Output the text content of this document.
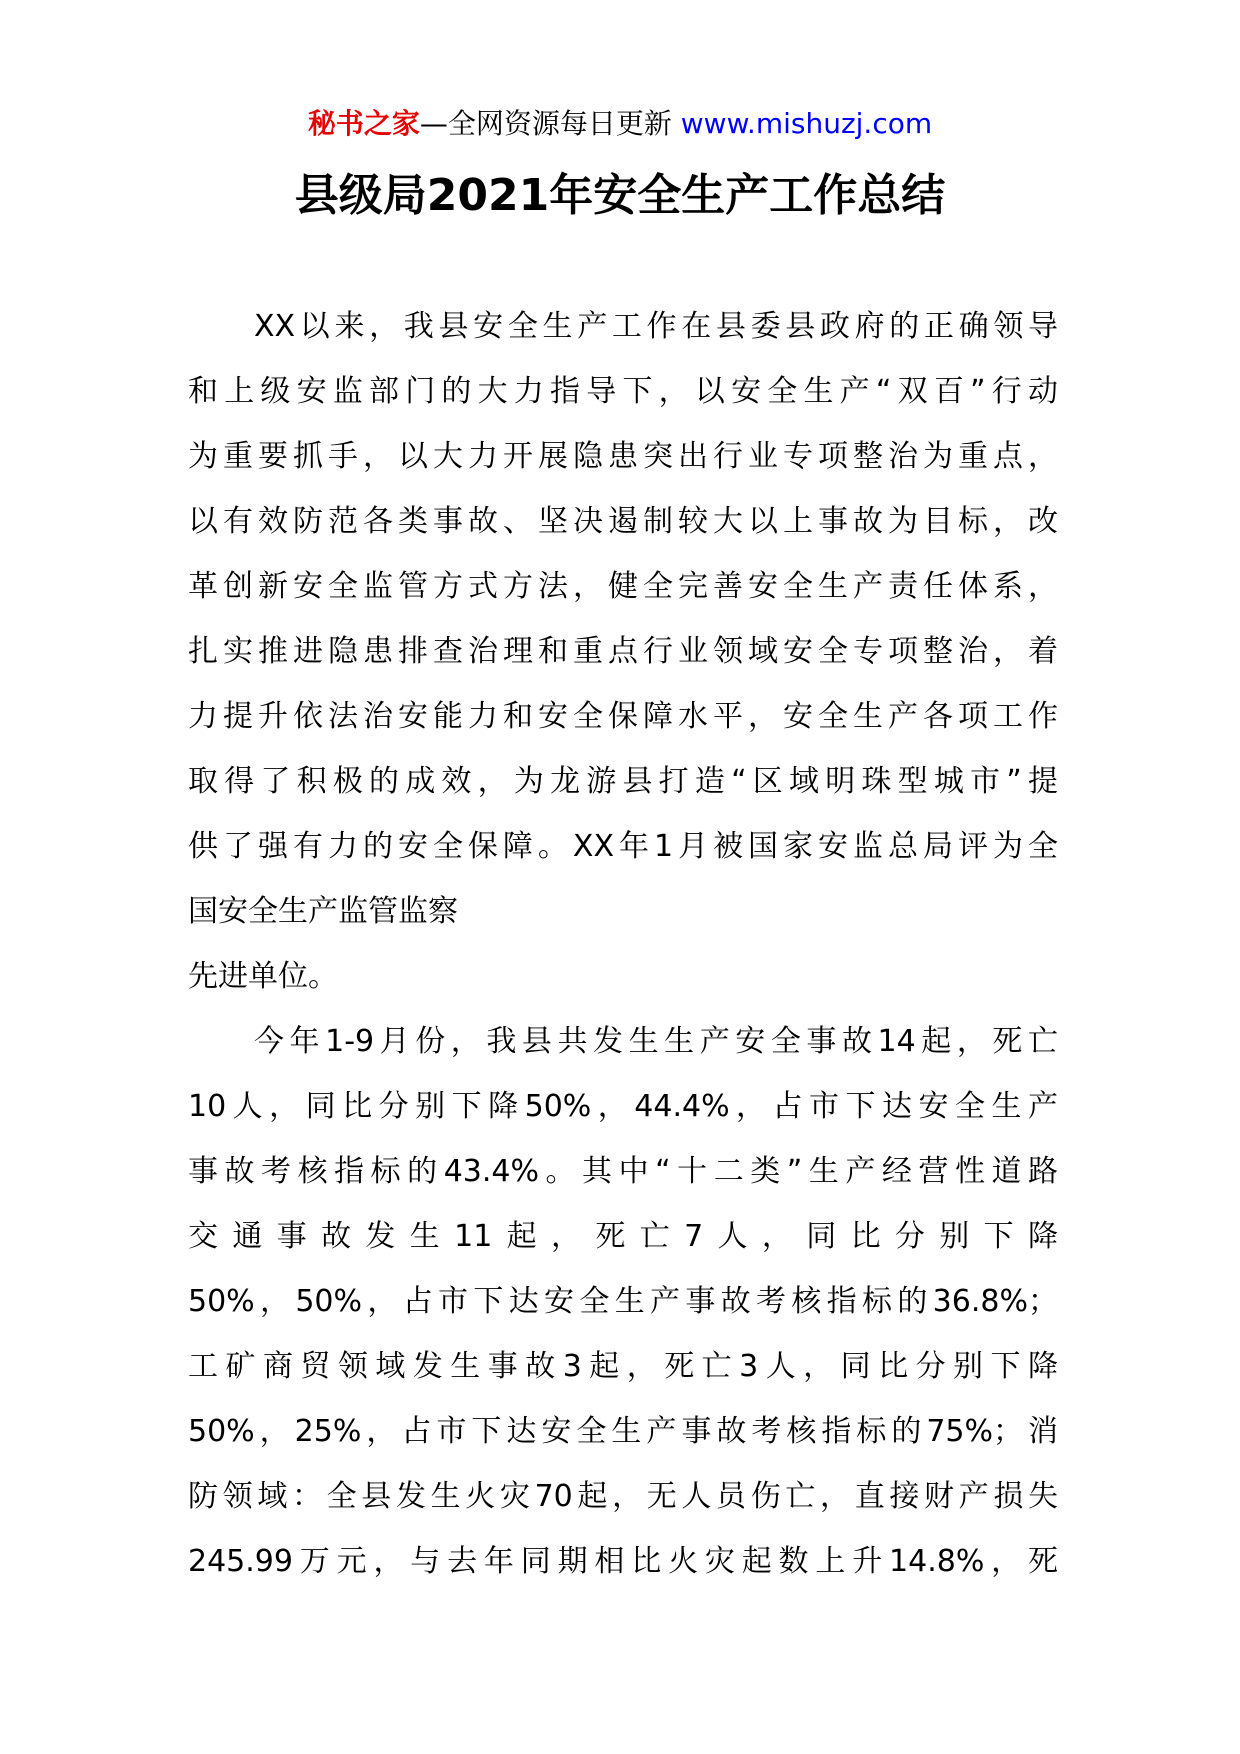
秘书之家—全网资源每日更新 www.mishuzj.com
县级局2021年安全生产工作总结
XX以来，我县安全生产工作在县委县政府的正确领导
和上级安监部门的大力指导下，以安全生产“双百”行动
为重要抓手，以大力开展隐患突出行业专项整治为重点，
以有效防范各类事故、坚决遏制较大以上事故为目标，改
革创新安全监管方式方法，健全完善安全生产责任体系，
扎实推进隐患排查治理和重点行业领域安全专项整治，着
力提升依法治安能力和安全保障水平，安全生产各项工作
取得了积极的成效，为龙游县打造“区域明珠型城市”提
供了强有力的安全保障。XX年1月被国家安监总局评为全
国安全生产监管监察
先进单位。
今年1-9月份，我县共发生生产安全事故14起，死亡
10人，同比分别下降50%，44.4%，占市下达安全生产
事故考核指标的43.4%。其中“十二类”生产经营性道路
交通事故发生11起，死亡7人，同比分别下降
50%，50%，占市下达安全生产事故考核指标的36.8%；
工矿商贸领域发生事故3起，死亡3人，同比分别下降
50%，25%，占市下达安全生产事故考核指标的75%；消
防领域：全县发生火灾70起，无人员伤亡，直接财产损失
245.99万元，与去年同期相比火灾起数上升14.8%，死
